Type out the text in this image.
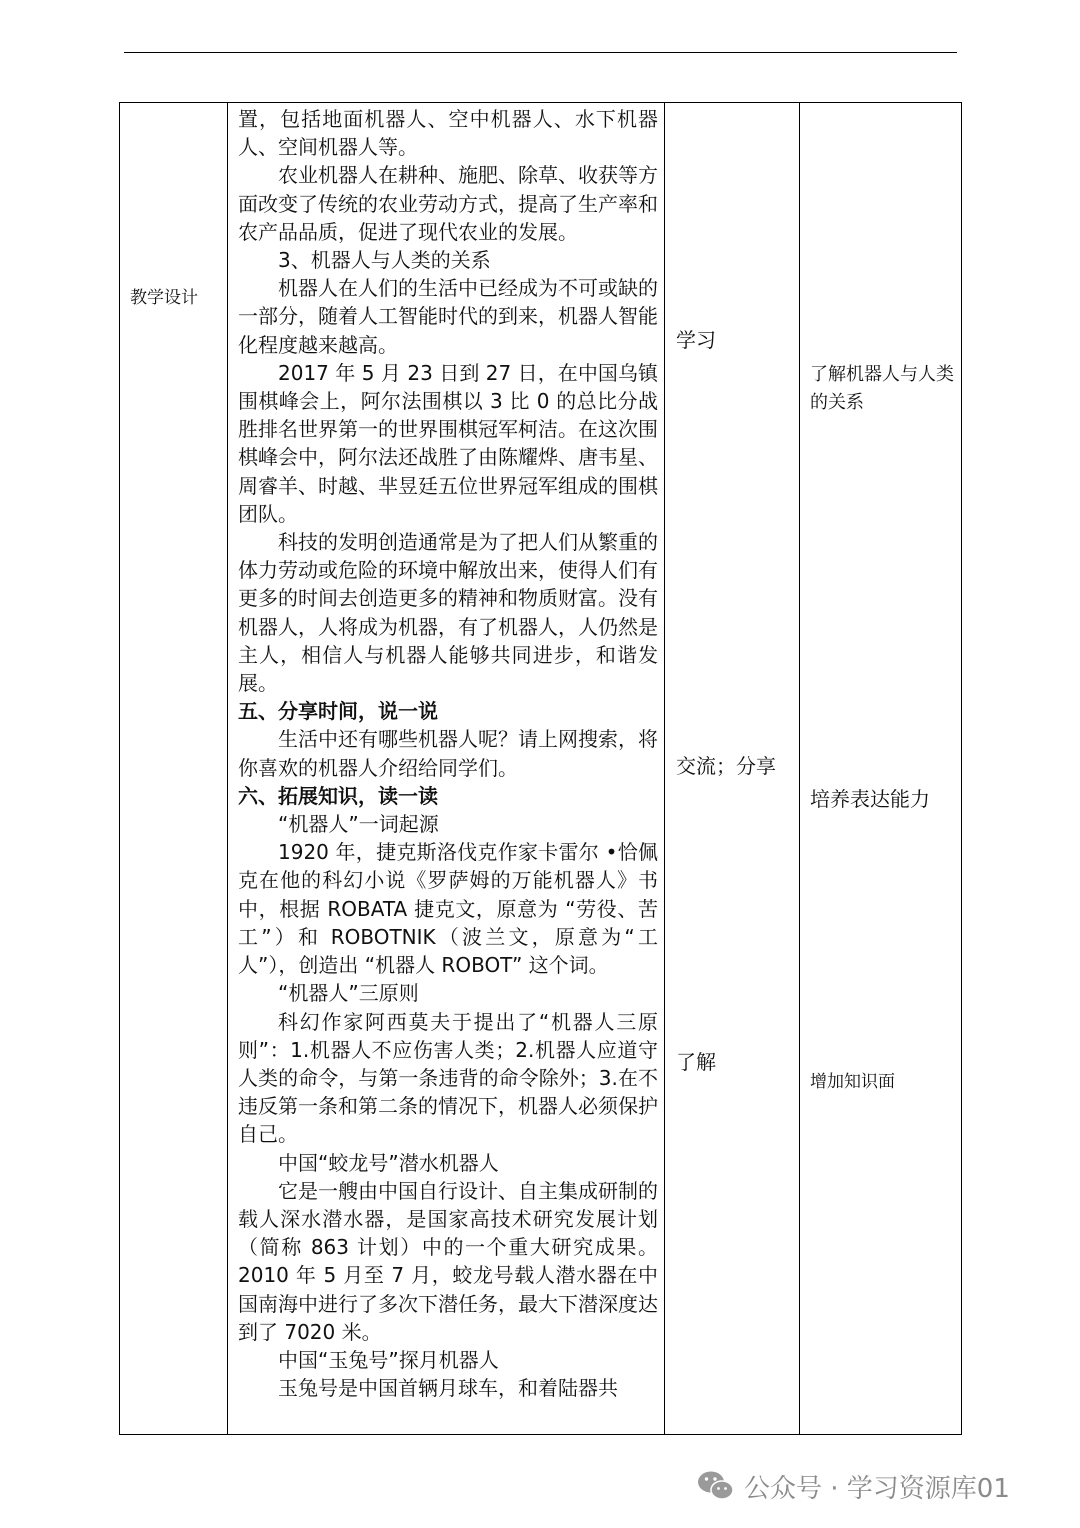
教学设计

置，包括地面机器人、空中机器人、水下机器人、空间机器人等。

农业机器人在耕种、施肥、除草、收获等方面改变了传统的农业劳动方式，提高了生产率和农产品品质，促进了现代农业的发展。

3、机器人与人类的关系

机器人在人们的生活中已经成为不可或缺的一部分，随着人工智能时代的到来，机器人智能化程度越来越高。

2017 年 5 月 23 日到 27 日，在中国乌镇围棋峰会上，阿尔法围棋以 3 比 0 的总比分战胜排名世界第一的世界围棋冠军柯洁。在这次围棋峰会中，阿尔法还战胜了由陈耀烨、唐韦星、周睿羊、时越、芈昱廷五位世界冠军组成的围棋团队。

科技的发明创造通常是为了把人们从繁重的体力劳动或危险的环境中解放出来，使得人们有更多的时间去创造更多的精神和物质财富。没有机器人，人将成为机器，有了机器人，人仍然是主人，相信人与机器人能够共同进步，和谐发展。

五、分享时间，说一说

生活中还有哪些机器人呢？请上网搜索，将你喜欢的机器人介绍给同学们。

六、拓展知识，读一读

“机器人”一词起源

1920 年，捷克斯洛伐克作家卡雷尔 •恰佩克在他的科幻小说《罗萨姆的万能机器人》书中，根据 ROBATA 捷克文，原意为 “劳役、苦工”）和 ROBOTNIK（波兰文，原意为“工人”），创造出 “机器人 ROBOT” 这个词。

“机器人”三原则

科幻作家阿西莫夫于提出了“机器人三原则”：1.机器人不应伤害人类；2.机器人应道守人类的命令，与第一条违背的命令除外；3.在不违反第一条和第二条的情况下，机器人必须保护自己。

中国“蛟龙号”潜水机器人

它是一艘由中国自行设计、自主集成研制的载人深水潜水器，是国家高技术研究发展计划（简称 863 计划）中的一个重大研究成果。2010 年 5 月至 7 月，蛟龙号载人潜水器在中国南海中进行了多次下潜任务，最大下潜深度达到了 7020 米。

中国“玉兔号”探月机器人

玉兔号是中国首辆月球车，和着陆器共

学习
交流；分享
了解
了解机器人与人类的关系
培养表达能力
增加知识面
公众号 · 学习资源库01
